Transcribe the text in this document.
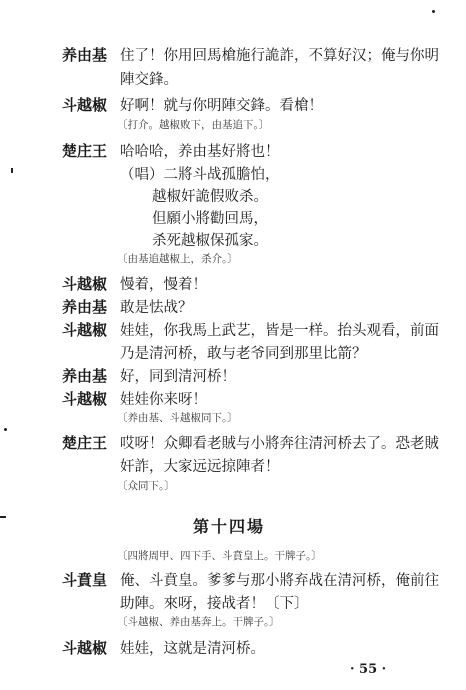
养由基 住了！你用回馬槍施行詭詐，不算好汉；俺与你明
陣交鋒。
斗越椒 好啊！就与你明陣交鋒。看槍！
〔打介。越椒败下，由基追下。〕
楚庄王 哈哈哈，养由基好將也！
（唱）二將斗战孤膽怕，
越椒奸詭假败杀。
但願小將勸回馬，
杀死越椒保孤家。
〔由基追越椒上，杀介。〕
斗越椒 慢着，慢着！
养由基 敢是怯战？
斗越椒 娃娃，你我馬上武艺，皆是一样。抬头观看，前面
乃是清河桥，敢与老爷同到那里比箭？
养由基 好，同到清河桥！
斗越椒 娃娃你来呀！
〔养由基、斗越椒同下。〕
楚庄王 哎呀！众卿看老賊与小將奔往清河桥去了。恐老賊
奸詐，大家远远掠陣者！
〔众同下。〕
第十四場
〔四將周甲、四下手、斗賁皇上。干牌子。〕
斗賁皇 俺、斗賁皇。爹爹与那小將弃战在清河桥，俺前往
助陣。來呀，接战者！〔下〕
〔斗越椒、养由基奔上。干牌子。〕
斗越椒 娃娃，这就是清河桥。
· 55 ·
